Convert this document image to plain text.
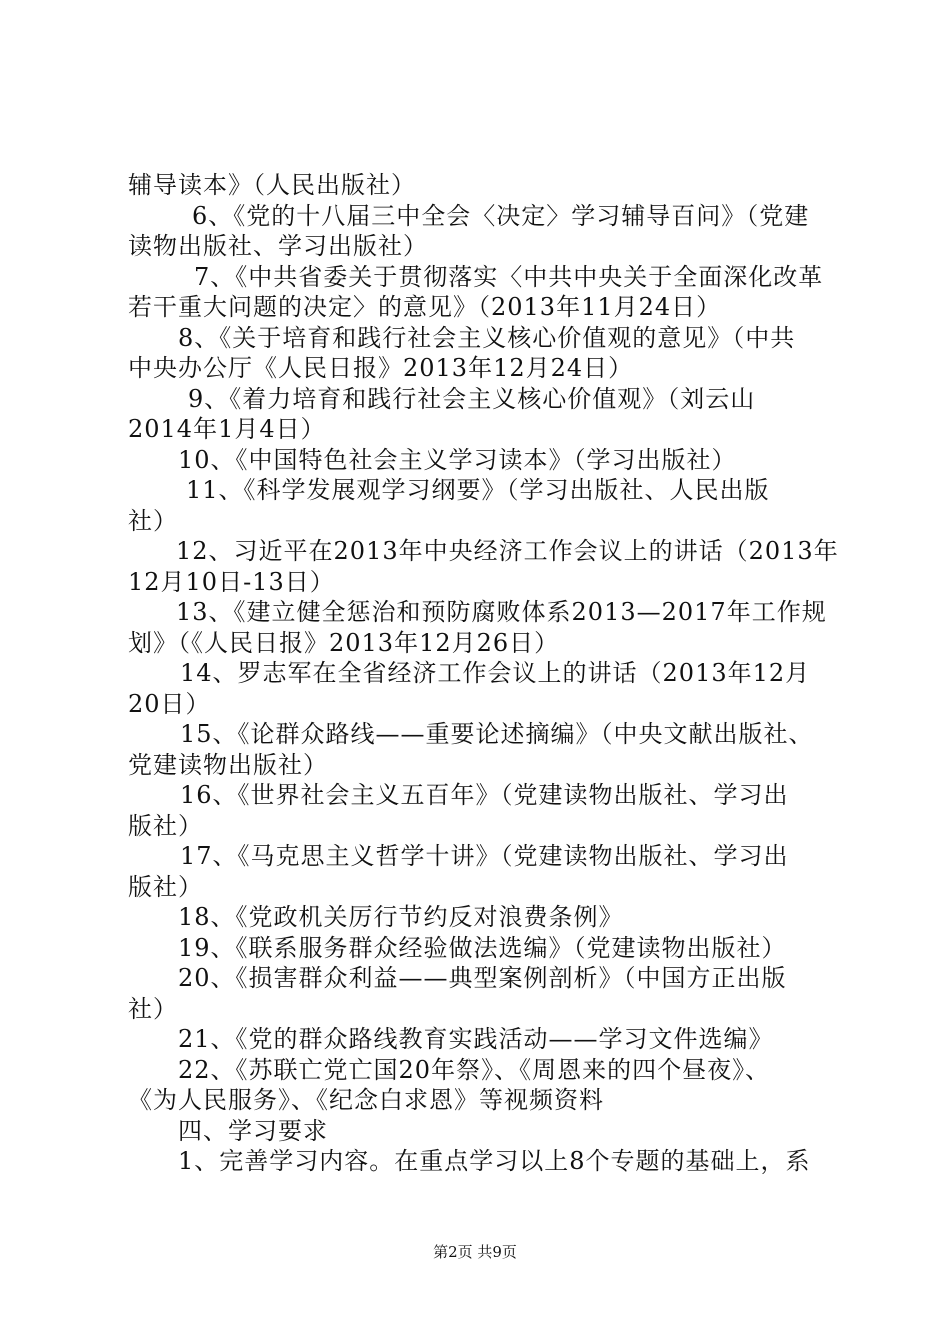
辅导读本》（人民出版社）
6、《党的十八届三中全会〈决定〉学习辅导百问》（党建
读物出版社、学习出版社）
7、《中共省委关于贯彻落实〈中共中央关于全面深化改革
若干重大问题的决定〉的意见》（2013年11月24日）
8、《关于培育和践行社会主义核心价值观的意见》（中共
中央办公厅《人民日报》2013年12月24日）
9、《着力培育和践行社会主义核心价值观》（刘云山
2014年1月4日）
10、《中国特色社会主义学习读本》（学习出版社）
11、《科学发展观学习纲要》（学习出版社、人民出版
社）
12、习近平在2013年中央经济工作会议上的讲话（2013年
12月10日-13日）
13、《建立健全惩治和预防腐败体系2013—2017年工作规
划》（《人民日报》2013年12月26日）
14、罗志军在全省经济工作会议上的讲话（2013年12月
20日）
15、《论群众路线——重要论述摘编》（中央文献出版社、
党建读物出版社）
16、《世界社会主义五百年》（党建读物出版社、学习出
版社）
17、《马克思主义哲学十讲》（党建读物出版社、学习出
版社）
18、《党政机关厉行节约反对浪费条例》
19、《联系服务群众经验做法选编》（党建读物出版社）
20、《损害群众利益——典型案例剖析》（中国方正出版
社）
21、《党的群众路线教育实践活动——学习文件选编》
22、《苏联亡党亡国20年祭》、《周恩来的四个昼夜》、
《为人民服务》、《纪念白求恩》等视频资料
四、学习要求
1、完善学习内容。在重点学习以上8个专题的基础上，系
第2页 共9页
